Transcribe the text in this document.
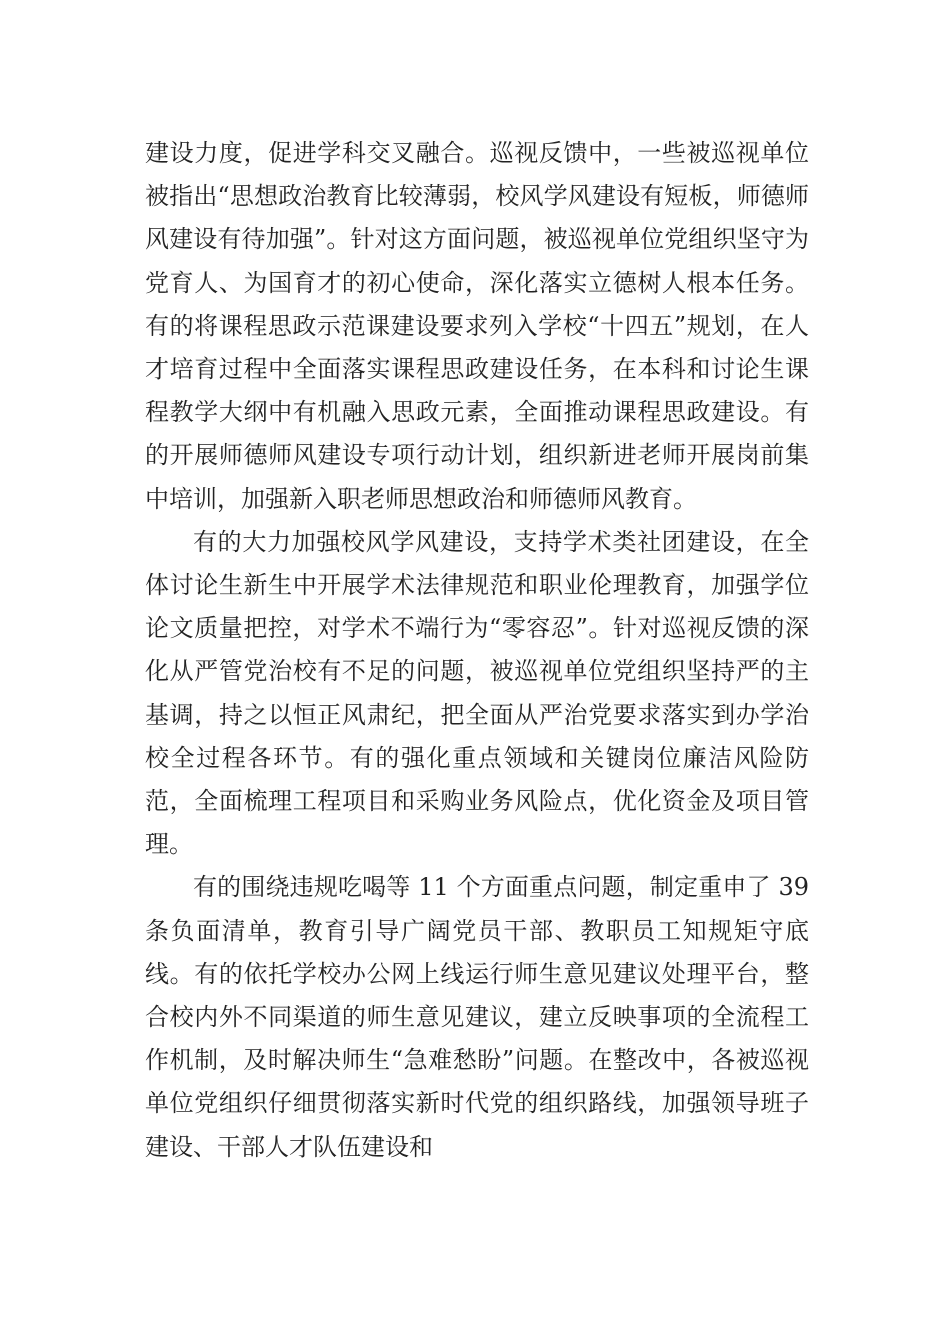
建设力度，促进学科交叉融合。巡视反馈中，一些被巡视单位被指出“思想政治教育比较薄弱，校风学风建设有短板，师德师风建设有待加强”。针对这方面问题，被巡视单位党组织坚守为党育人、为国育才的初心使命，深化落实立德树人根本任务。有的将课程思政示范课建设要求列入学校“十四五”规划，在人才培育过程中全面落实课程思政建设任务，在本科和讨论生课程教学大纲中有机融入思政元素，全面推动课程思政建设。有的开展师德师风建设专项行动计划，组织新进老师开展岗前集中培训，加强新入职老师思想政治和师德师风教育。

有的大力加强校风学风建设，支持学术类社团建设，在全体讨论生新生中开展学术法律规范和职业伦理教育，加强学位论文质量把控，对学术不端行为“零容忍”。针对巡视反馈的深化从严管党治校有不足的问题，被巡视单位党组织坚持严的主基调，持之以恒正风肃纪，把全面从严治党要求落实到办学治校全过程各环节。有的强化重点领域和关键岗位廉洁风险防范，全面梳理工程项目和采购业务风险点，优化资金及项目管理。

有的围绕违规吃喝等 11 个方面重点问题，制定重申了 39 条负面清单，教育引导广阔党员干部、教职员工知规矩守底线。有的依托学校办公网上线运行师生意见建议处理平台，整合校内外不同渠道的师生意见建议，建立反映事项的全流程工作机制，及时解决师生“急难愁盼”问题。在整改中，各被巡视单位党组织仔细贯彻落实新时代党的组织路线，加强领导班子建设、干部人才队伍建设和
